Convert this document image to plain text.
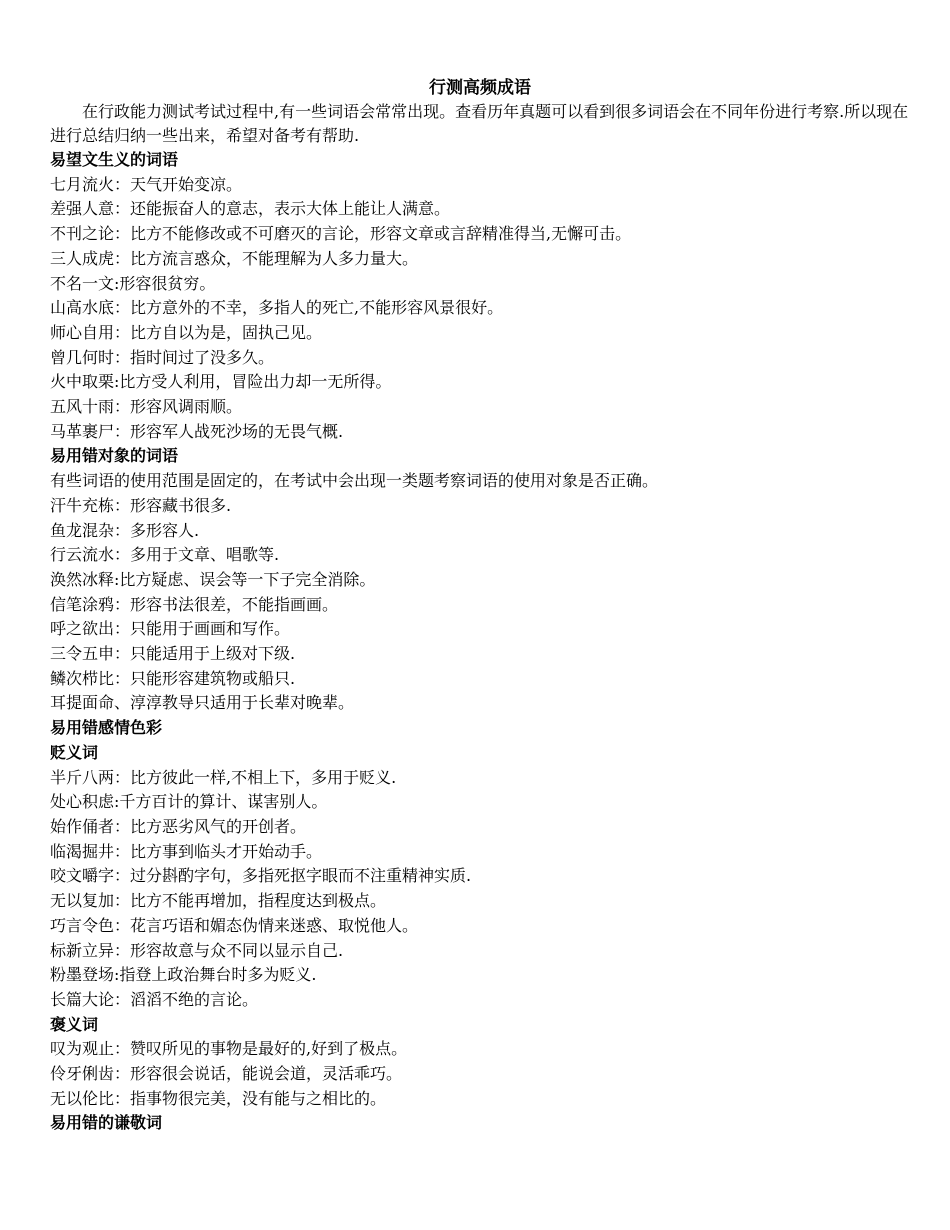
行测高频成语

在行政能力测试考试过程中,有一些词语会常常出现。查看历年真题可以看到很多词语会在不同年份进行考察.所以现在进行总结归纳一些出来，希望对备考有帮助.

易望文生义的词语
七月流火：天气开始变凉。
差强人意：还能振奋人的意志，表示大体上能让人满意。
不刊之论：比方不能修改或不可磨灭的言论，形容文章或言辞精准得当,无懈可击。
三人成虎：比方流言惑众，不能理解为人多力量大。
不名一文:形容很贫穷。
山高水底：比方意外的不幸，多指人的死亡,不能形容风景很好。
师心自用：比方自以为是，固执己见。
曾几何时：指时间过了没多久。
火中取栗:比方受人利用，冒险出力却一无所得。
五风十雨：形容风调雨顺。
马革裹尸：形容军人战死沙场的无畏气概.
易用错对象的词语
有些词语的使用范围是固定的，在考试中会出现一类题考察词语的使用对象是否正确。
汗牛充栋：形容藏书很多.
鱼龙混杂：多形容人.
行云流水：多用于文章、唱歌等.
涣然冰释:比方疑虑、误会等一下子完全消除。
信笔涂鸦：形容书法很差，不能指画画。
呼之欲出：只能用于画画和写作。
三令五申：只能适用于上级对下级.
鳞次栉比：只能形容建筑物或船只.
耳提面命、淳淳教导只适用于长辈对晚辈。
易用错感情色彩
贬义词
半斤八两：比方彼此一样,不相上下，多用于贬义.
处心积虑:千方百计的算计、谋害别人。
始作俑者：比方恶劣风气的开创者。
临渴掘井：比方事到临头才开始动手。
咬文嚼字：过分斟酌字句，多指死抠字眼而不注重精神实质.
无以复加：比方不能再增加，指程度达到极点。
巧言令色：花言巧语和媚态伪情来迷惑、取悦他人。
标新立异：形容故意与众不同以显示自己.
粉墨登场:指登上政治舞台时多为贬义.
长篇大论：滔滔不绝的言论。
褒义词
叹为观止：赞叹所见的事物是最好的,好到了极点。
伶牙俐齿：形容很会说话，能说会道，灵活乖巧。
无以伦比：指事物很完美，没有能与之相比的。
易用错的谦敬词
